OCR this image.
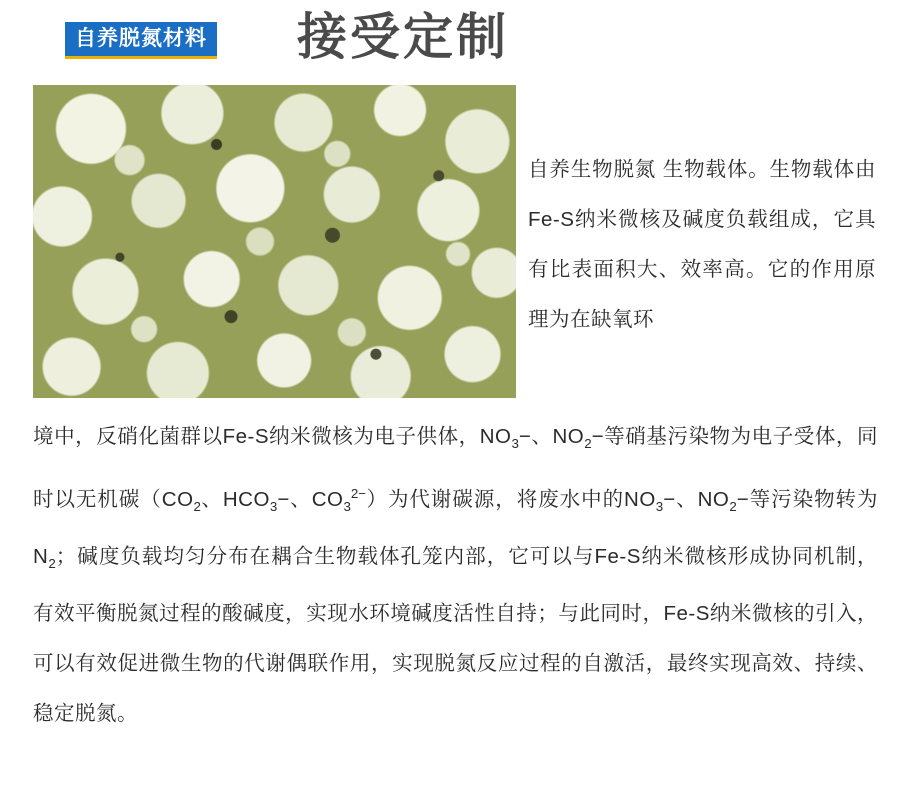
自养脱氮材料 接受定制
自养生物脱氮 生物载体。生物载体由Fe-S纳米微核及碱度负载组成，它具有比表面积大、效率高。它的作用原理为在缺氧环
境中，反硝化菌群以Fe-S纳米微核为电子供体，$NO_3-$、$NO_2-$等硝基污染物为电子受体，同时以无机碳（$CO_2$、$HCO_3-$、$CO_3^{2-}$）为代谢碳源，将废水中的$NO_3-$、$NO_2-$等污染物转为$N_2$；碱度负载均匀分布在耦合生物载体孔笼内部，它可以与Fe-S纳米微核形成协同机制，有效平衡脱氮过程的酸碱度，实现水环境碱度活性自持；与此同时，Fe-S纳米微核的引入，可以有效促进微生物的代谢偶联作用，实现脱氮反应过程的自激活，最终实现高效、持续、稳定脱氮。
